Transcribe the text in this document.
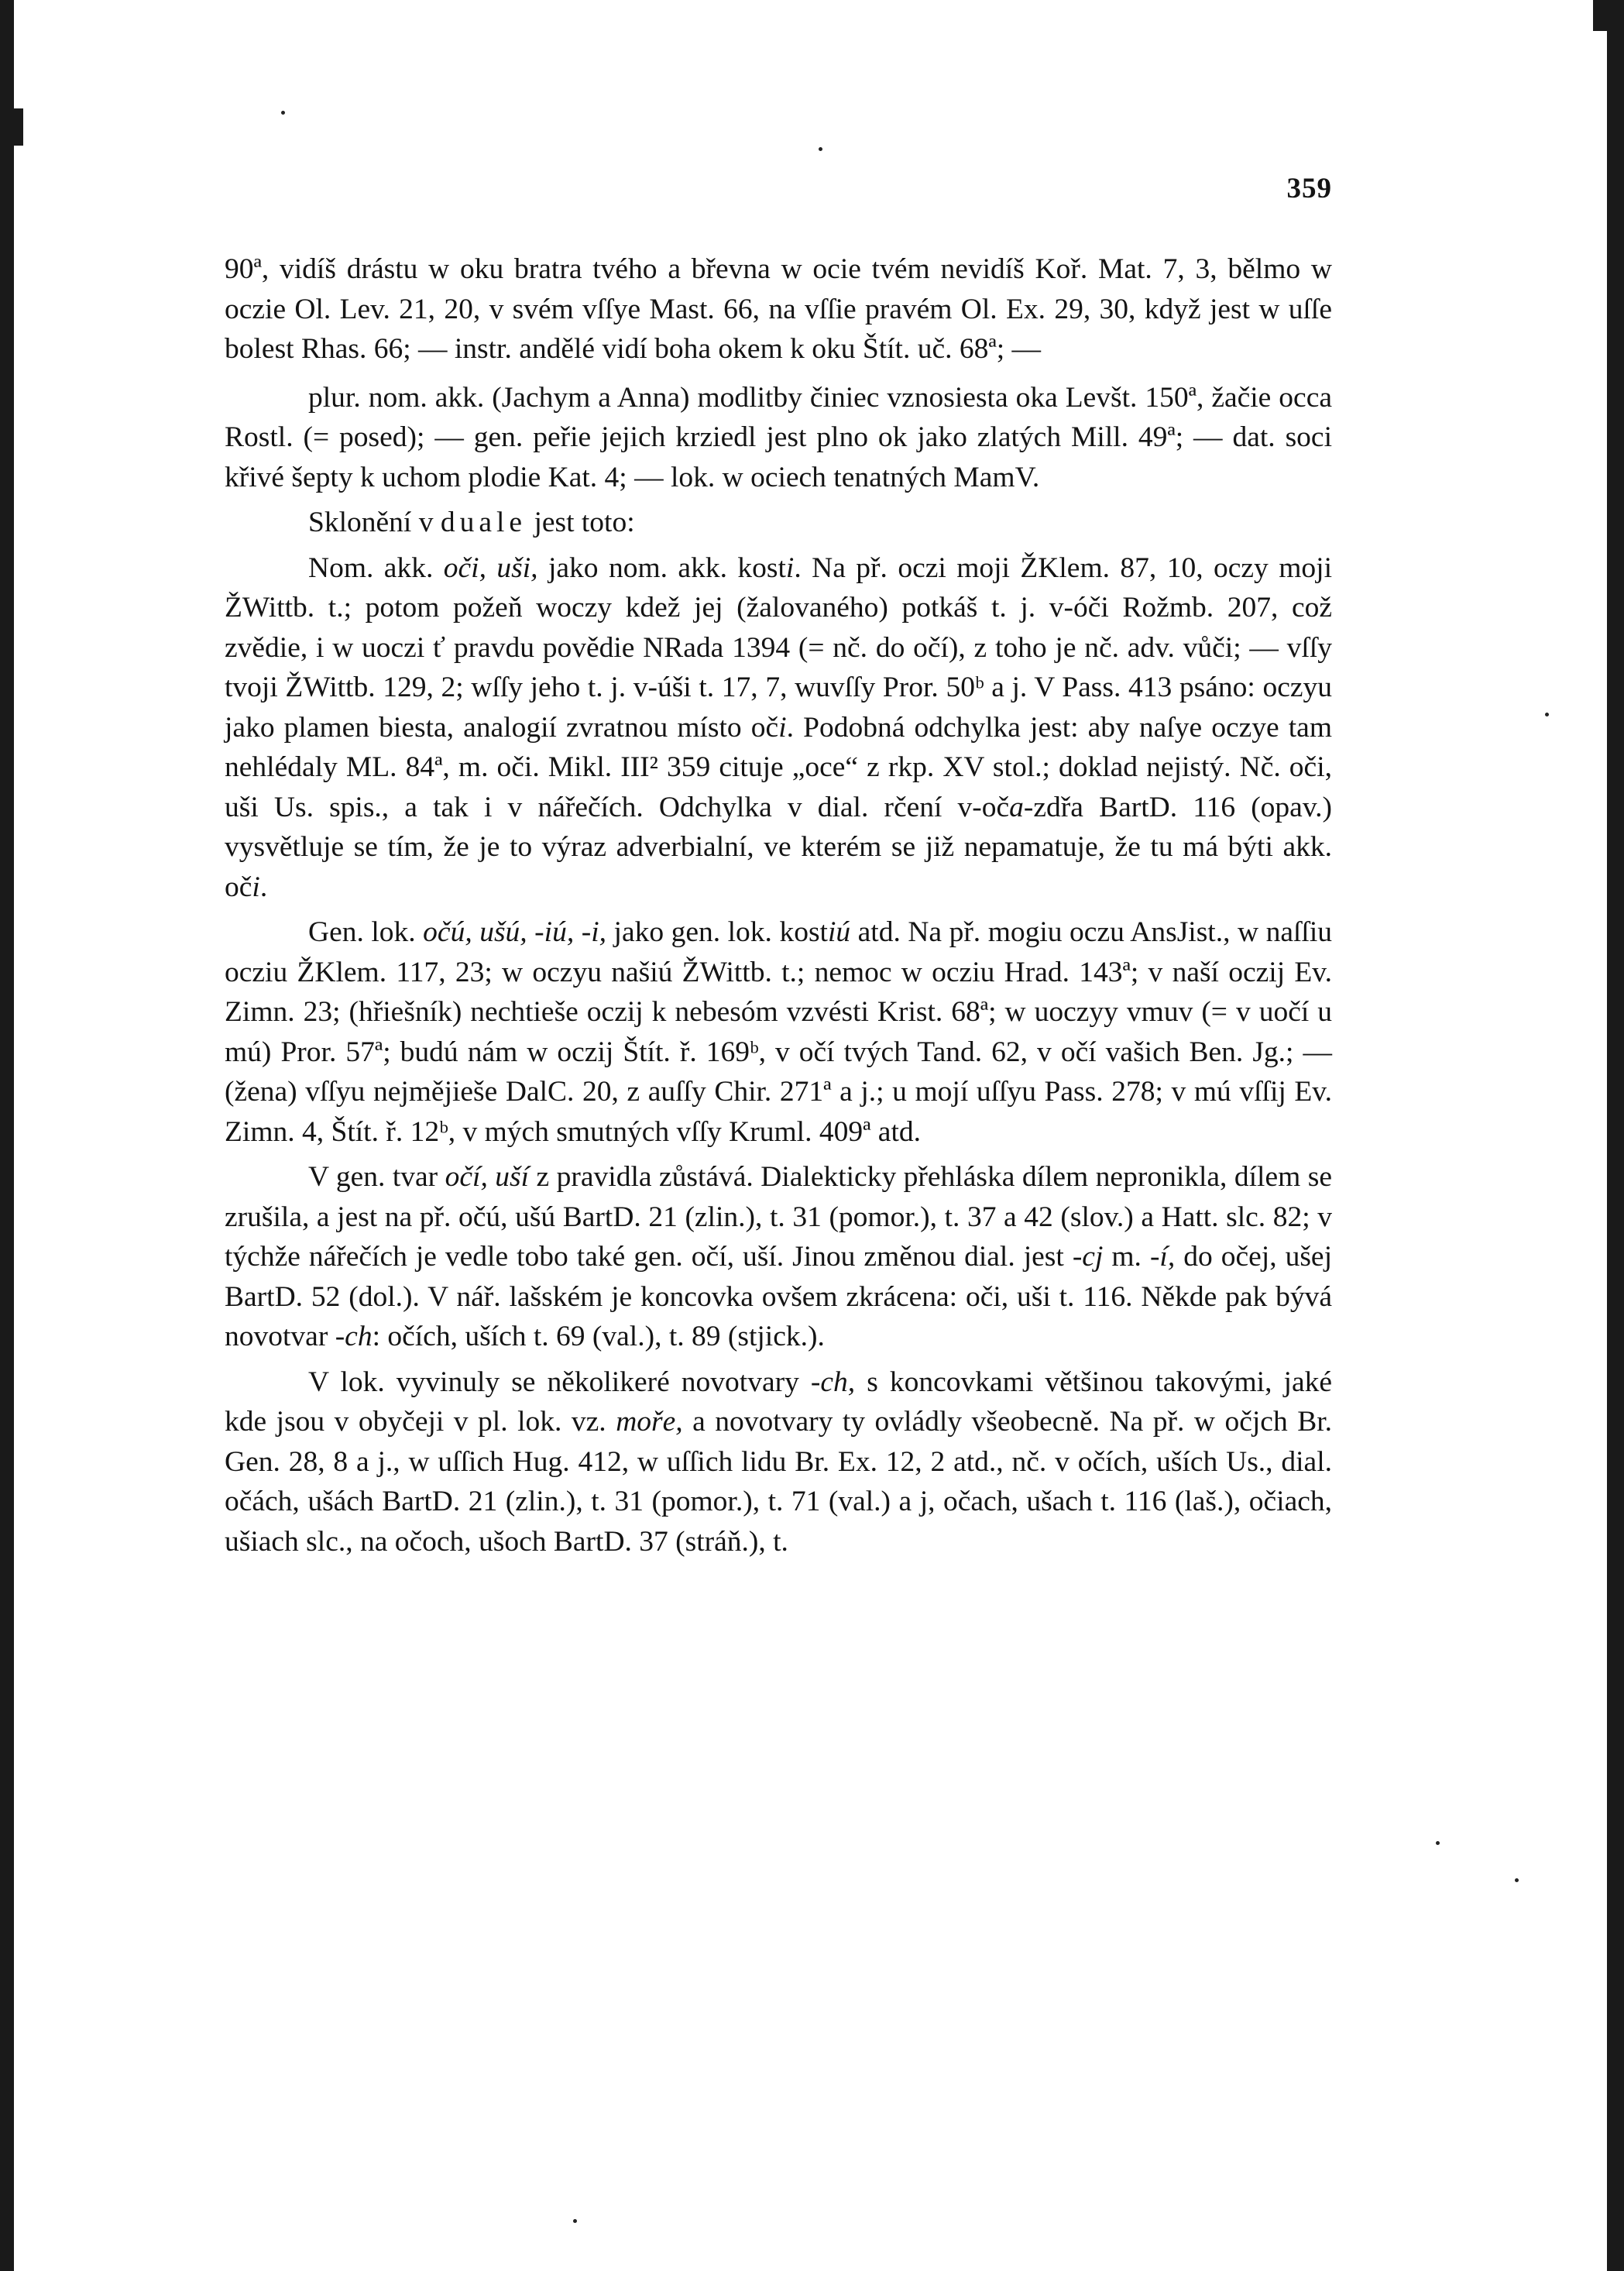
359

90ª, vidíš drástu w oku bratra tvého a břevna w ocie tvém nevidíš Kоř. Mat. 7, 3, bělmo w oczie Ol. Lev. 21, 20, v svém vſſye Mast. 66, na vſſie pravém Ol. Ex. 29, 30, když jest w uſſe bolest Rhas. 66; — instr. andělé vidí boha okem k oku Štít. uč. 68ª; —

plur. nom. akk. (Jachym a Anna) modlitby činiec vznosiesta oka Levšt. 150ª, žačie occa Rostl. (= posed); — gen. peřie jejich krziedl jest plno ok jako zlatých Mill. 49ª; — dat. soci křivé šepty k uchom plodie Kat. 4; — lok. w ociech tenatných MamV.

Sklonění v duale jest toto:

Nom. akk. oči, uši, jako nom. akk. kosti. Na př. oczi moji ŽKlem. 87, 10, oczy moji ŽWittb. t.; potom požeň woczy kdež jej (žalovaného) potkáš t. j. v-óči Rožmb. 207, což zvědie, i w uoczi ť pravdu povědie NRada 1394 (= nč. do očí), z toho je nč. adv. vůči; — vſſy tvoji ŽWittb. 129, 2; wſſy jeho t. j. v-úši t. 17, 7, wuvſſy Pror. 50ᵇ a j. V Pass. 413 psáno: oczyu jako plamen biesta, analogií zvratnou místo oči. Podobná odchylka jest: aby naſye oczye tam nehlédaly ML. 84ª, m. oči. Mikl. III² 359 cituje „oce“ z rkp. XV stol.; doklad nejistý. Nč. oči, uši Us. spis., a tak i v nářečích. Odchylka v dial. rčení v-oča-zdřa BartD. 116 (opav.) vysvětluje se tím, že je to výraz adverbialní, ve kterém se již nepamatuje, že tu má býti akk. oči.

Gen. lok. očú, ušú, -iú, -i, jako gen. lok. kostiú atd. Na př. mogiu oczu AnsJist., w naſſiu ocziu ŽKlem. 117, 23; w oczyu našiú ŽWittb. t.; nemoc w ocziu Hrad. 143ª; v naší oczij Ev. Zimn. 23; (hřiešník) nechtieše oczij k nebesóm vzvésti Krist. 68ª; w uoczyy vmuv (= v uočí u mú) Pror. 57ª; budú nám w oczij Štít. ř. 169ᵇ, v očí tvých Tand. 62, v očí vašich Ben. Jg.; — (žena) vſſyu nejmějieše DalC. 20, z auſſy Chir. 271ª a j.; u mojí uſſyu Pass. 278; v mú vſſij Ev. Zimn. 4, Štít. ř. 12ᵇ, v mých smutných vſſy Kruml. 409ª atd.

V gen. tvar očí, uší z pravidla zůstává. Dialekticky přehláska dílem nepronikla, dílem se zrušila, a jest na př. očú, ušú BartD. 21 (zlin.), t. 31 (pomor.), t. 37 a 42 (slov.) a Hatt. slc. 82; v týchže nářečích je vedle tobo také gen. očí, uší. Jinou změnou dial. jest -cj m. -í, do očej, ušej BartD. 52 (dol.). V nář. lašském je koncovka ovšem zkrácena: oči, uši t. 116. Někde pak bývá novotvar -ch: očích, uších t. 69 (val.), t. 89 (stjick.).

V lok. vyvinuly se několikeré novotvary -ch, s koncovkami většinou takovými, jaké kde jsou v obyčeji v pl. lok. vz. moře, a novotvary ty ovládly všeobecně. Na př. w očjch Br. Gen. 28, 8 a j., w uſſich Hug. 412, w uſſich lidu Br. Ex. 12, 2 atd., nč. v očích, uších Us., dial. očách, ušách BartD. 21 (zlin.), t. 31 (pomor.), t. 71 (val.) a j, očach, ušach t. 116 (laš.), očiach, ušiach slc., na očoch, ušoch BartD. 37 (stráň.), t.
